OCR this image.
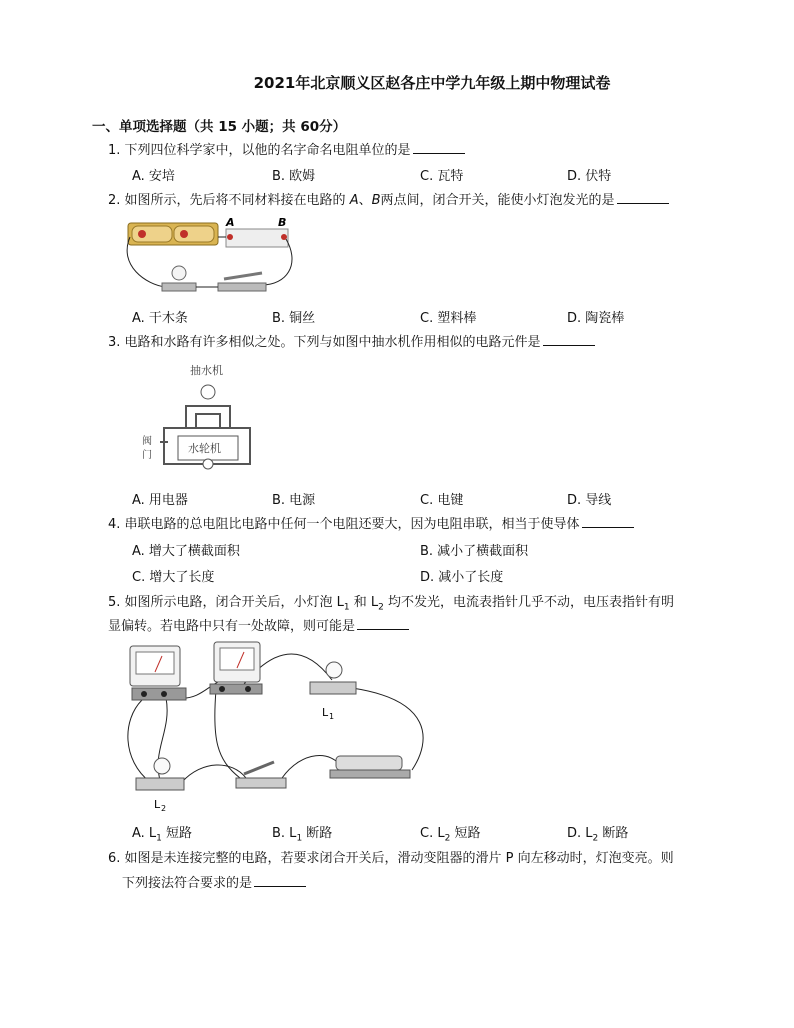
2021年北京顺义区赵各庄中学九年级上期中物理试卷
一、单项选择题（共 15 小题；共 60分）
1. 下列四位科学家中，以他的名字命名电阻单位的是
A. 安培	B. 欧姆	C. 瓦特	D. 伏特
2. 如图所示，先后将不同材料接在电路的 A、B两点间，闭合开关，能使小灯泡发光的是
A	B
A. 干木条	B. 铜丝	C. 塑料棒	D. 陶瓷棒
3. 电路和水路有许多相似之处。下列与如图中抽水机作用相似的电路元件是
抽水机
水轮机
阀
门
A. 用电器	B. 电源	C. 电键	D. 导线
4. 串联电路的总电阻比电路中任何一个电阻还要大，因为电阻串联，相当于使导体
A. 增大了横截面积	B. 减小了横截面积
C. 增大了长度	D. 减小了长度
5. 如图所示电路，闭合开关后，小灯泡 $L_1$ 和 $L_2$ 均不发光，电流表指针几乎不动，电压表指针有明
显偏转。若电路中只有一处故障，则可能是
L 1
L 2
A. $L_1$ 短路	B. $L_1$ 断路	C. $L_2$ 短路	D. $L_2$ 断路
6. 如图是未连接完整的电路，若要求闭合开关后，滑动变阻器的滑片 P 向左移动时，灯泡变亮。则
下列接法符合要求的是
